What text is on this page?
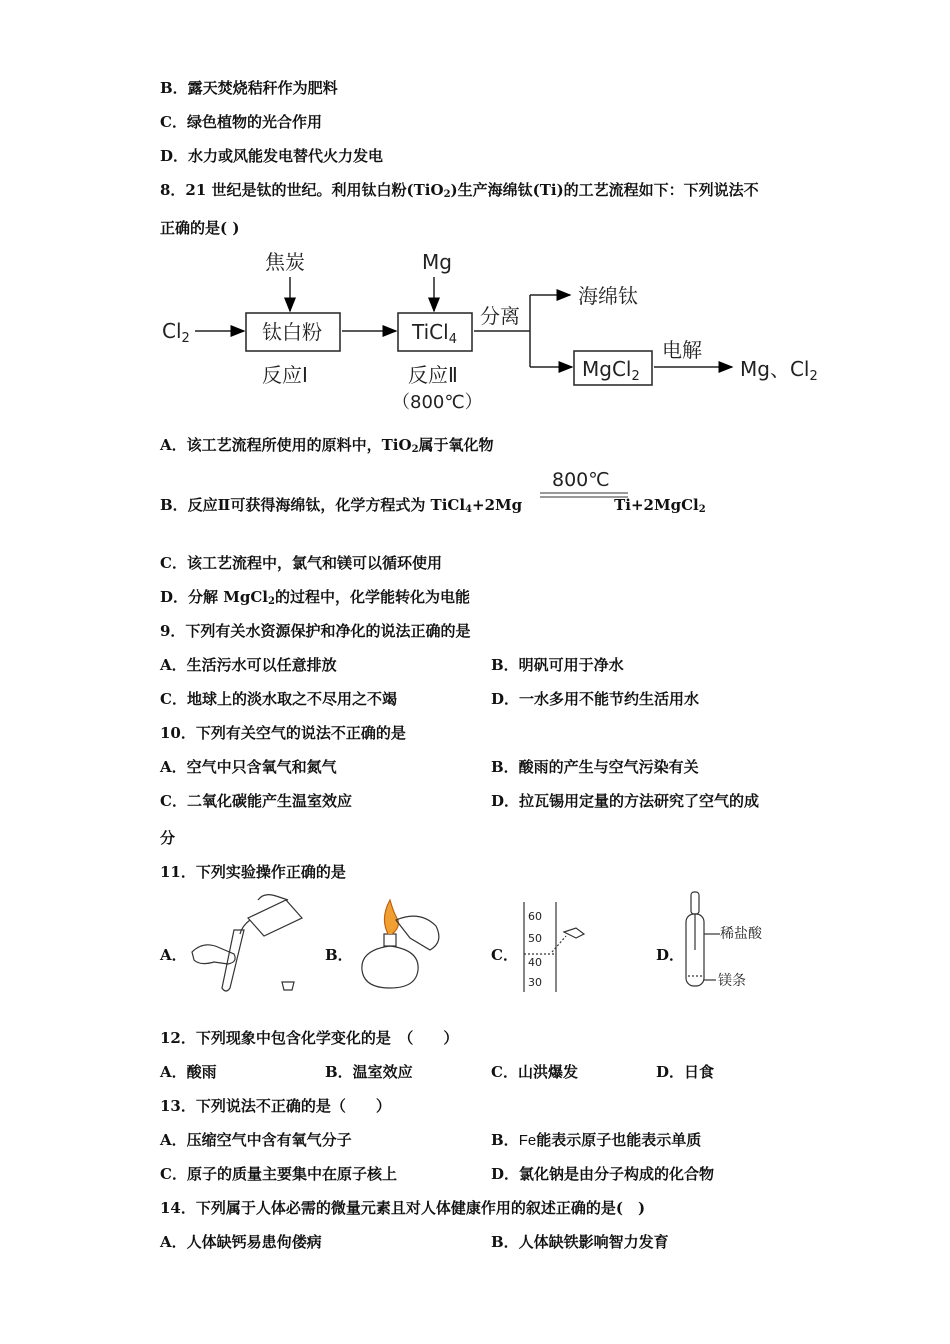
B．露天焚烧秸秆作为肥料
C．绿色植物的光合作用
D．水力或风能发电替代火力发电
8．21 世纪是钛的世纪。利用钛白粉(TiO$_2$)生产海绵钛(Ti)的工艺流程如下：下列说法不
正确的是( )
焦炭	Mg
$Cl_2$	钛白粉	TiCl$_4$
反应Ⅰ	反应Ⅱ
（800℃）
分离
海绵钛
MgCl$_2$
电解
Mg、$Cl_2$
A．该工艺流程所使用的原料中，TiO$_2$属于氧化物
B．反应Ⅱ可获得海绵钛，化学方程式为 TiCl$_4$+2Mg	Ti+2MgCl$_2$
800℃
C．该工艺流程中，氯气和镁可以循环使用
D．分解 MgCl$_2$的过程中，化学能转化为电能
9．下列有关水资源保护和净化的说法正确的是
A．生活污水可以任意排放	B．明矾可用于净水
C．地球上的淡水取之不尽用之不竭	D．一水多用不能节约生活用水
10．下列有关空气的说法不正确的是
A．空气中只含氧气和氮气	B．酸雨的产生与空气污染有关
C．二氧化碳能产生温室效应	D．拉瓦锡用定量的方法研究了空气的成
分
11．下列实验操作正确的是
A．	B．	C．
60
50
40
30
D．
稀盐酸
镁条
12．下列现象中包含化学变化的是　（　　）
A．酸雨	B．温室效应	C．山洪爆发	D．日食
13．下列说法不正确的是（　　）
A．压缩空气中含有氧气分子	B．Fe能表示原子也能表示单质
C．原子的质量主要集中在原子核上	D．氯化钠是由分子构成的化合物
14．下列属于人体必需的微量元素且对人体健康作用的叙述正确的是(　)
A．人体缺钙易患佝偻病	B．人体缺铁影响智力发育
